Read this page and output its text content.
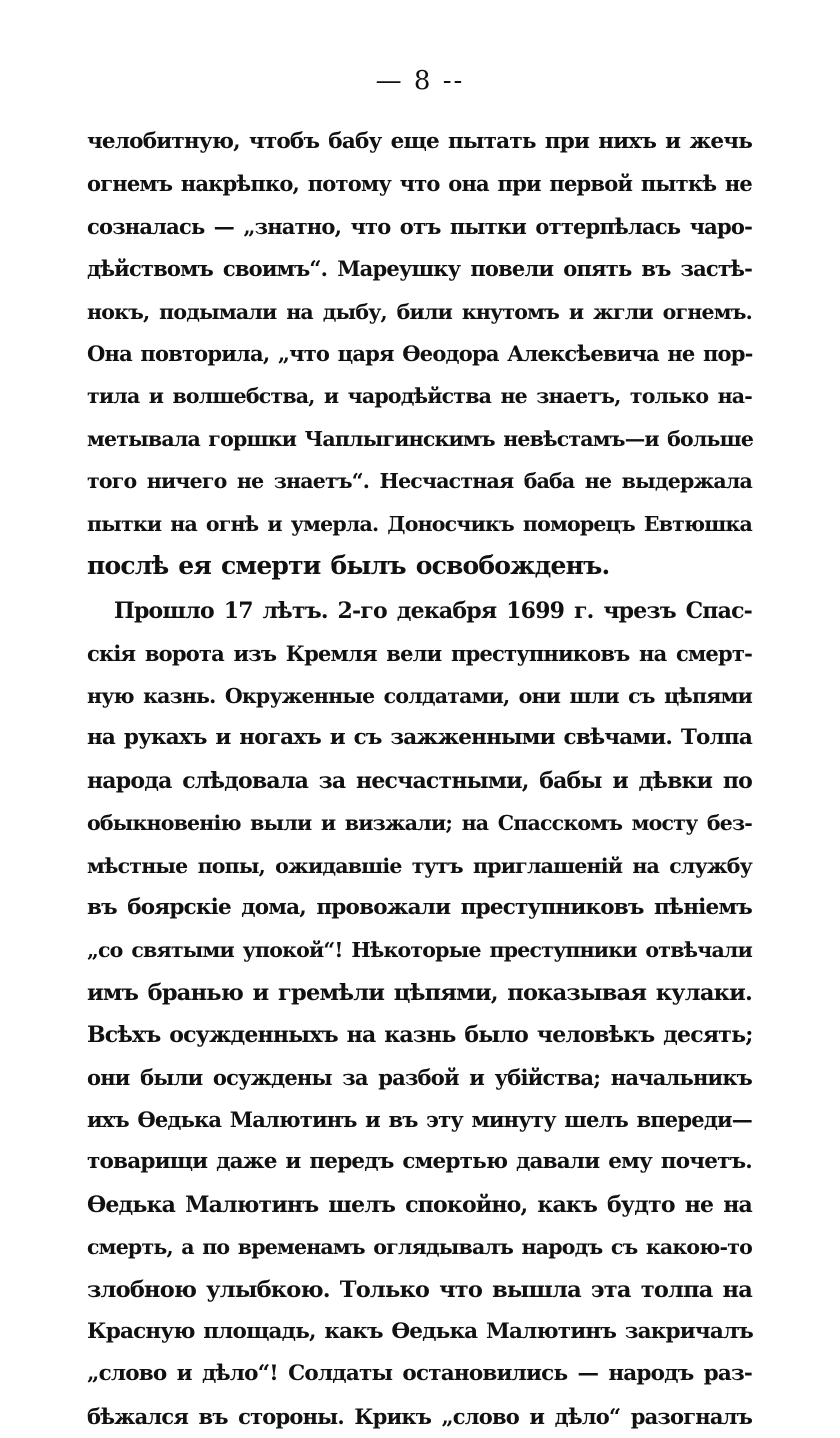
— 8 --
челобитную, чтобъ бабу еще пытать при нихъ и жечь
огнемъ накрѣпко, потому что она при первой пыткѣ не
созналась — „знатно, что отъ пытки оттерпѣлась чаро-
дѣйствомъ своимъ“. Мареушку повели опять въ застѣ-
нокъ, подымали на дыбу, били кнутомъ и жгли огнемъ.
Она повторила, „что царя Өеодора Алексѣевича не пор-
тила и волшебства, и чародѣйства не знаетъ, только на-
метывала горшки Чаплыгинскимъ невѣстамъ—и больше
того ничего не знаетъ“. Несчастная баба не выдержала
пытки на огнѣ и умерла. Доносчикъ поморецъ Евтюшка
послѣ ея смерти былъ освобожденъ.
Прошло 17 лѣтъ. 2-го декабря 1699 г. чрезъ Спас-
скія ворота изъ Кремля вели преступниковъ на смерт-
ную казнь. Окруженные солдатами, они шли съ цѣпями
на рукахъ и ногахъ и съ зажженными свѣчами. Толпа
народа слѣдовала за несчастными, бабы и дѣвки по
обыкновенію выли и визжали; на Спасскомъ мосту без-
мѣстные попы, ожидавшіе тутъ приглашеній на службу
въ боярскіе дома, провожали преступниковъ пѣніемъ
„со святыми упокой“! Нѣкоторые преступники отвѣчали
имъ бранью и гремѣли цѣпями, показывая кулаки.
Всѣхъ осужденныхъ на казнь было человѣкъ десять;
они были осуждены за разбой и убійства; начальникъ
ихъ Өедька Малютинъ и въ эту минуту шелъ впереди—
товарищи даже и передъ смертью давали ему почетъ.
Өедька Малютинъ шелъ спокойно, какъ будто не на
смерть, а по временамъ оглядывалъ народъ съ какою-то
злобною улыбкою. Только что вышла эта толпа на
Красную площадь, какъ Өедька Малютинъ закричалъ
„слово и дѣло“! Солдаты остановились — народъ раз-
бѣжался въ стороны. Крикъ „слово и дѣло“ разогналъ
